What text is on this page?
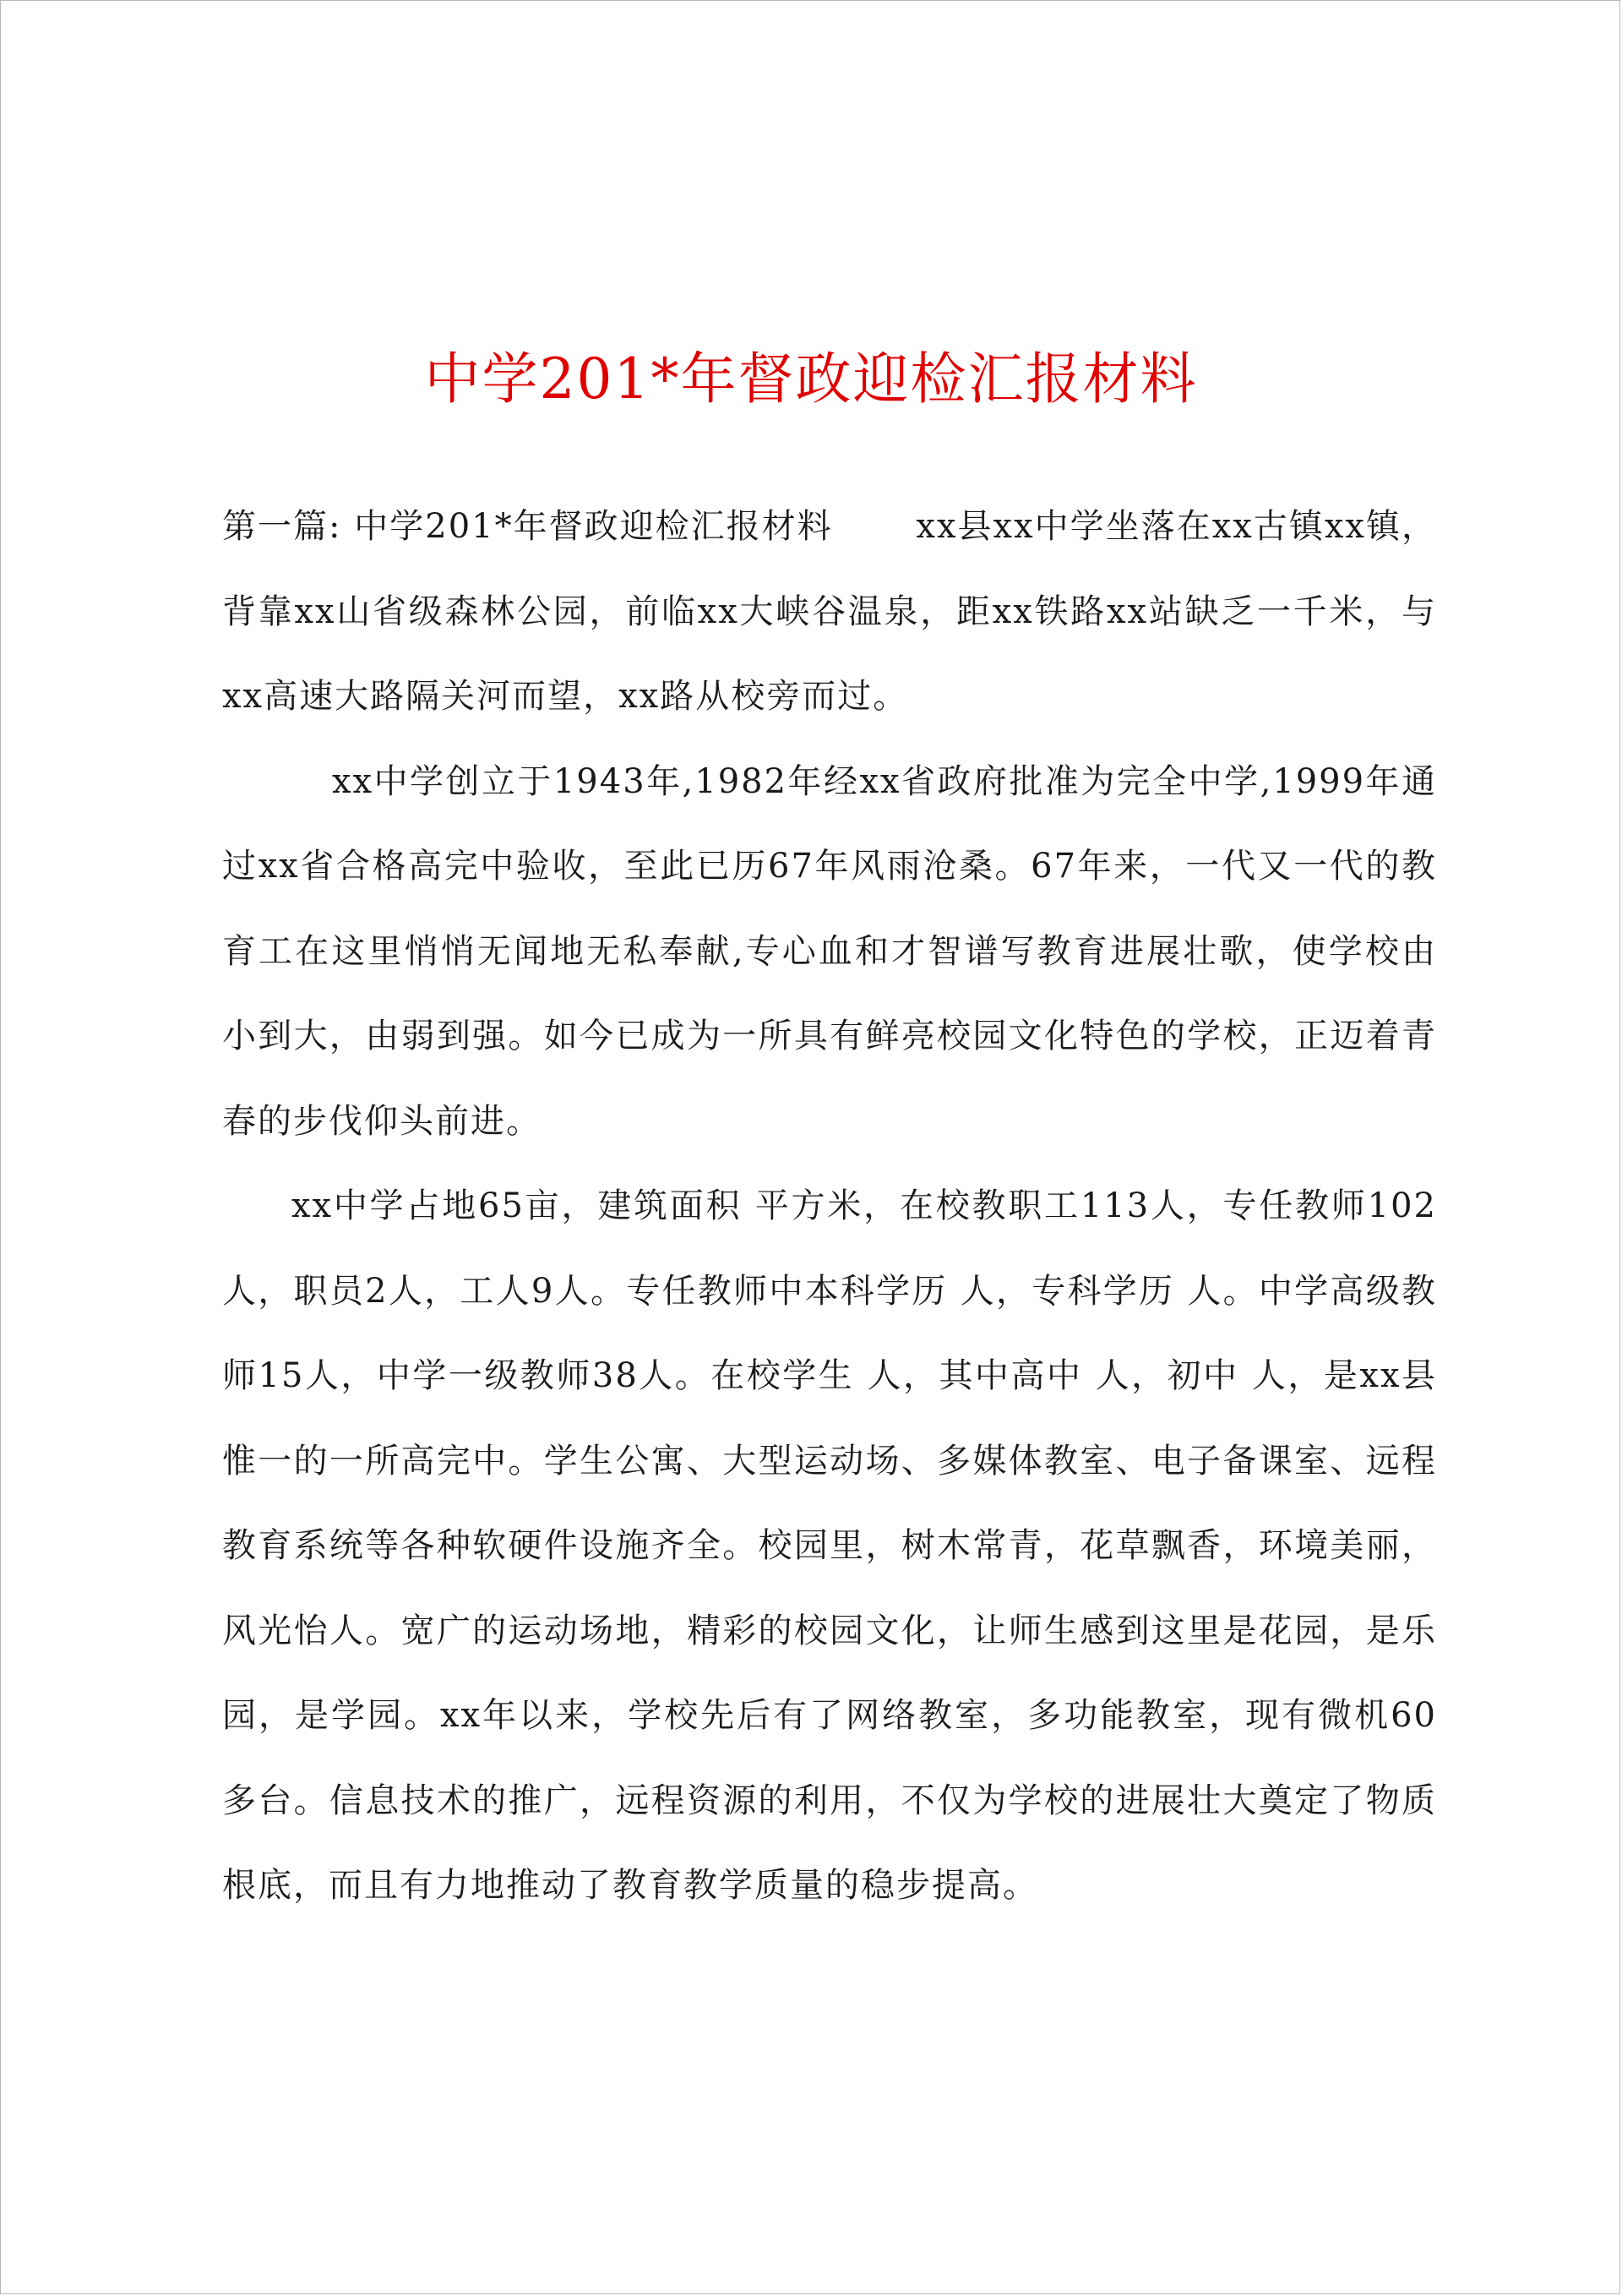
中学201*年督政迎检汇报材料

第一篇: 中学201*年督政迎检汇报材料　　 xx县xx中学坐落在xx古镇xx镇，背靠xx山省级森林公园，前临xx大峡谷温泉，距xx铁路xx站缺乏一千米，与xx高速大路隔关河而望，xx路从校旁而过。

xx中学创立于1943年,1982年经xx省政府批准为完全中学,1999年通过xx省合格高完中验收，至此已历67年风雨沧桑。67年来，一代又一代的教育工在这里悄悄无闻地无私奉献,专心血和才智谱写教育进展壮歌，使学校由小到大，由弱到强。如今已成为一所具有鲜亮校园文化特色的学校，正迈着青春的步伐仰头前进。

xx中学占地65亩，建筑面积 平方米，在校教职工113人，专任教师102人，职员2人，工人9人。专任教师中本科学历 人，专科学历 人。中学高级教师15人，中学一级教师38人。在校学生 人，其中高中 人，初中 人，是xx县惟一的一所高完中。学生公寓、大型运动场、多媒体教室、电子备课室、远程教育系统等各种软硬件设施齐全。校园里，树木常青，花草飘香，环境美丽，风光怡人。宽广的运动场地，精彩的校园文化，让师生感到这里是花园，是乐园，是学园。xx年以来，学校先后有了网络教室，多功能教室，现有微机60多台。信息技术的推广，远程资源的利用，不仅为学校的进展壮大奠定了物质根底，而且有力地推动了教育教学质量的稳步提高。
